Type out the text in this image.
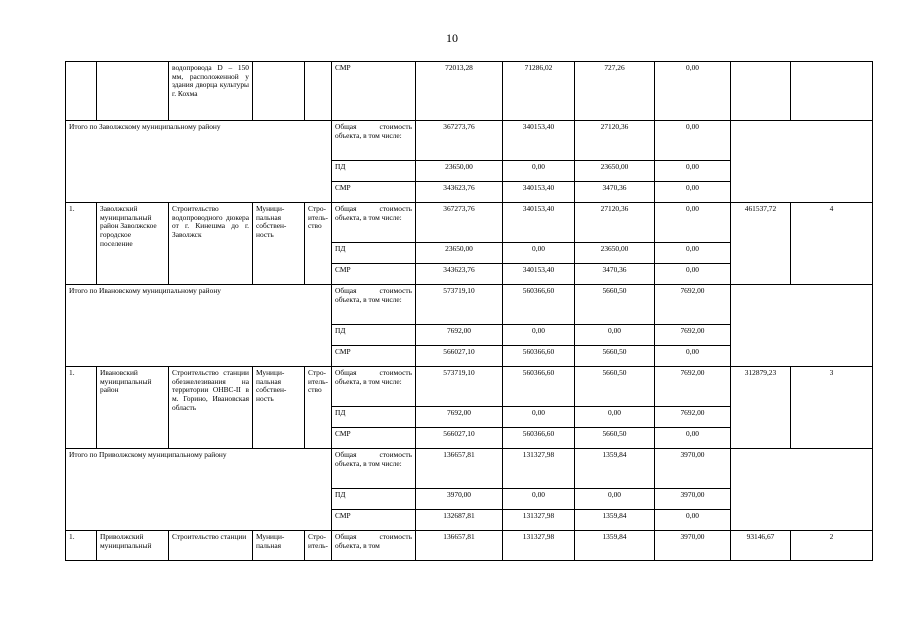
10
		водопровода D – 150 мм, расположенной у здания дворца культуры г. Кохма			СМР	72013,28	71286,02	727,26	0,00		
Итого по Заволжскому муниципальному району					Общая стоимость объекта, в том числе:	367273,76	340153,40	27120,36	0,00		
					ПД	23650,00	0,00	23650,00	0,00		
					СМР	343623,76	340153,40	3470,36	0,00		
1.	Заволжский муниципальный район Заволжское городское поселение	Строительство водопроводного дюкера от г. Кинешма до г. Заволжск	Муници-пальная собствен-ность	Стро-итель-ство	Общая стоимость объекта, в том числе:	367273,76	340153,40	27120,36	0,00	461537,72	4
					ПД	23650,00	0,00	23650,00	0,00		
					СМР	343623,76	340153,40	3470,36	0,00		
Итого по Ивановскому муниципальному району					Общая стоимость объекта, в том числе:	573719,10	560366,60	5660,50	7692,00		
					ПД	7692,00	0,00	0,00	7692,00		
					СМР	566027,10	560366,60	5660,50	0,00		
1.	Ивановский муниципальный район	Строительство станции обезжелезивания на территории ОНВС-II в м. Горино, Ивановская область	Муници-пальная собствен-ность	Стро-итель-ство	Общая стоимость объекта, в том числе:	573719,10	560366,60	5660,50	7692,00	312879,23	3
					ПД	7692,00	0,00	0,00	7692,00		
					СМР	566027,10	560366,60	5660,50	0,00		
Итого по Приволжскому муниципальному району					Общая стоимость объекта, в том числе:	136657,81	131327,98	1359,84	3970,00		
					ПД	3970,00	0,00	0,00	3970,00		
					СМР	132687,81	131327,98	1359,84	0,00		
1.	Приволжский муниципальный	Строительство станции	Муници-пальная	Стро-итель-	Общая стоимость объекта, в том	136657,81	131327,98	1359,84	3970,00	93146,67	2
